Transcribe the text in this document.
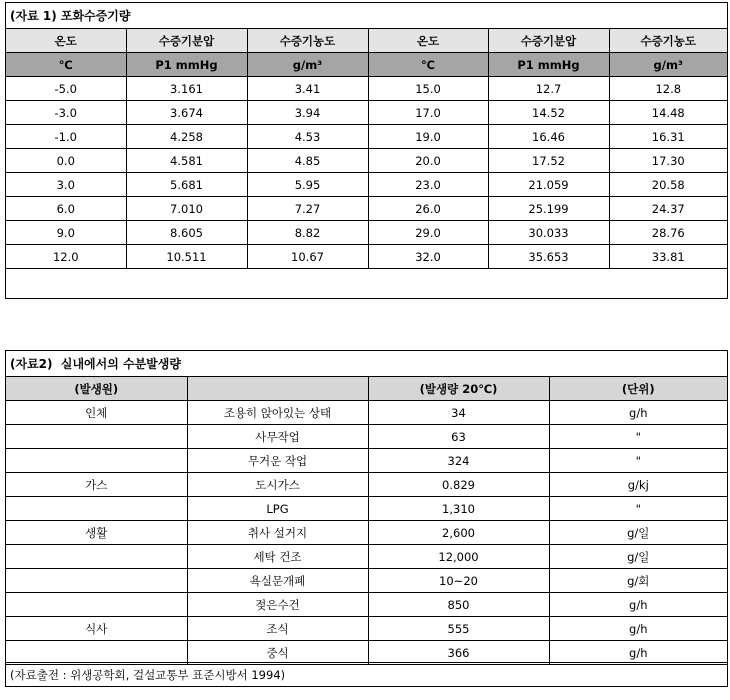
(자료 1) 포화수증기량
온도	수증기분압	수증기농도	온도	수증기분압	수증기농도
℃	P1 mmHg	g/m³	℃	P1 mmHg	g/m³
-5.0	3.161	3.41	15.0	12.7	12.8
-3.0	3.674	3.94	17.0	14.52	14.48
-1.0	4.258	4.53	19.0	16.46	16.31
0.0	4.581	4.85	20.0	17.52	17.30
3.0	5.681	5.95	23.0	21.059	20.58
6.0	7.010	7.27	26.0	25.199	24.37
9.0	8.605	8.82	29.0	30.033	28.76
12.0	10.511	10.67	32.0	35.653	33.81
(자료2)  실내에서의 수분발생량
(발생원)		(발생량 20℃)	(단위)
인체	조용히 앉아있는 상태	34	g/h
	사무작업	63	"
	무거운 작업	324	"
가스	도시가스	0.829	g/kj
	LPG	1,310	"
생활	취사 설거지	2,600	g/일
	세탁 건조	12,000	g/일
	욕실문개폐	10~20	g/회
	젖은수건	850	g/h
식사	조식	555	g/h
	중식	366	g/h
(자료출전 : 위생공학회, 걸설교통부 표준시방서 1994)
